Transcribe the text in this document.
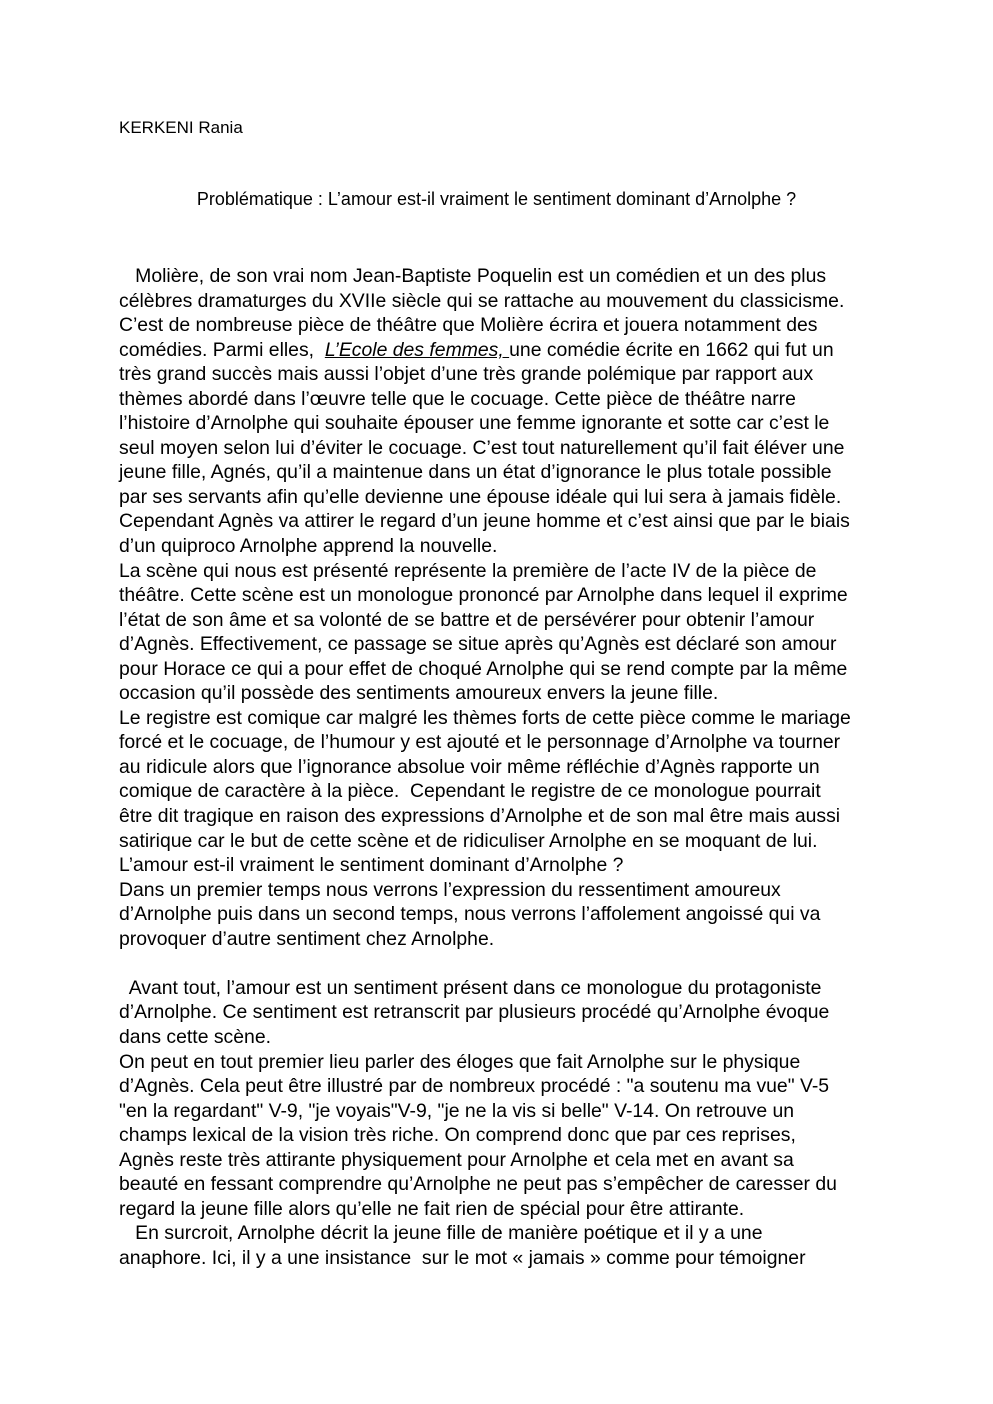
KERKENI Rania
Problématique : L’amour est-il vraiment le sentiment dominant d’Arnolphe ?
Molière, de son vrai nom Jean-Baptiste Poquelin est un comédien et un des plus
célèbres dramaturges du XVIIe siècle qui se rattache au mouvement du classicisme.
C’est de nombreuse pièce de théâtre que Molière écrira et jouera notamment des
comédies. Parmi elles,  L’Ecole des femmes, une comédie écrite en 1662 qui fut un
très grand succès mais aussi l’objet d’une très grande polémique par rapport aux
thèmes abordé dans l’œuvre telle que le cocuage. Cette pièce de théâtre narre
l’histoire d’Arnolphe qui souhaite épouser une femme ignorante et sotte car c’est le
seul moyen selon lui d’éviter le cocuage. C’est tout naturellement qu’il fait éléver une
jeune fille, Agnés, qu’il a maintenue dans un état d’ignorance le plus totale possible
par ses servants afin qu’elle devienne une épouse idéale qui lui sera à jamais fidèle.
Cependant Agnès va attirer le regard d’un jeune homme et c’est ainsi que par le biais
d’un quiproco Arnolphe apprend la nouvelle.
La scène qui nous est présenté représente la première de l’acte IV de la pièce de
théâtre. Cette scène est un monologue prononcé par Arnolphe dans lequel il exprime
l’état de son âme et sa volonté de se battre et de persévérer pour obtenir l’amour
d’Agnès. Effectivement, ce passage se situe après qu’Agnès est déclaré son amour
pour Horace ce qui a pour effet de choqué Arnolphe qui se rend compte par la même
occasion qu’il possède des sentiments amoureux envers la jeune fille.
Le registre est comique car malgré les thèmes forts de cette pièce comme le mariage
forcé et le cocuage, de l’humour y est ajouté et le personnage d’Arnolphe va tourner
au ridicule alors que l’ignorance absolue voir même réfléchie d’Agnès rapporte un
comique de caractère à la pièce.  Cependant le registre de ce monologue pourrait
être dit tragique en raison des expressions d’Arnolphe et de son mal être mais aussi
satirique car le but de cette scène et de ridiculiser Arnolphe en se moquant de lui.
L’amour est-il vraiment le sentiment dominant d’Arnolphe ?
Dans un premier temps nous verrons l’expression du ressentiment amoureux
d’Arnolphe puis dans un second temps, nous verrons l’affolement angoissé qui va
provoquer d’autre sentiment chez Arnolphe.
Avant tout, l’amour est un sentiment présent dans ce monologue du protagoniste
d’Arnolphe. Ce sentiment est retranscrit par plusieurs procédé qu’Arnolphe évoque
dans cette scène.
On peut en tout premier lieu parler des éloges que fait Arnolphe sur le physique
d’Agnès. Cela peut être illustré par de nombreux procédé : "a soutenu ma vue" V-5
"en la regardant" V-9, "je voyais"V-9, "je ne la vis si belle" V-14. On retrouve un
champs lexical de la vision très riche. On comprend donc que par ces reprises,
Agnès reste très attirante physiquement pour Arnolphe et cela met en avant sa
beauté en fessant comprendre qu’Arnolphe ne peut pas s’empêcher de caresser du
regard la jeune fille alors qu’elle ne fait rien de spécial pour être attirante.
En surcroit, Arnolphe décrit la jeune fille de manière poétique et il y a une
anaphore. Ici, il y a une insistance  sur le mot « jamais » comme pour témoigner
